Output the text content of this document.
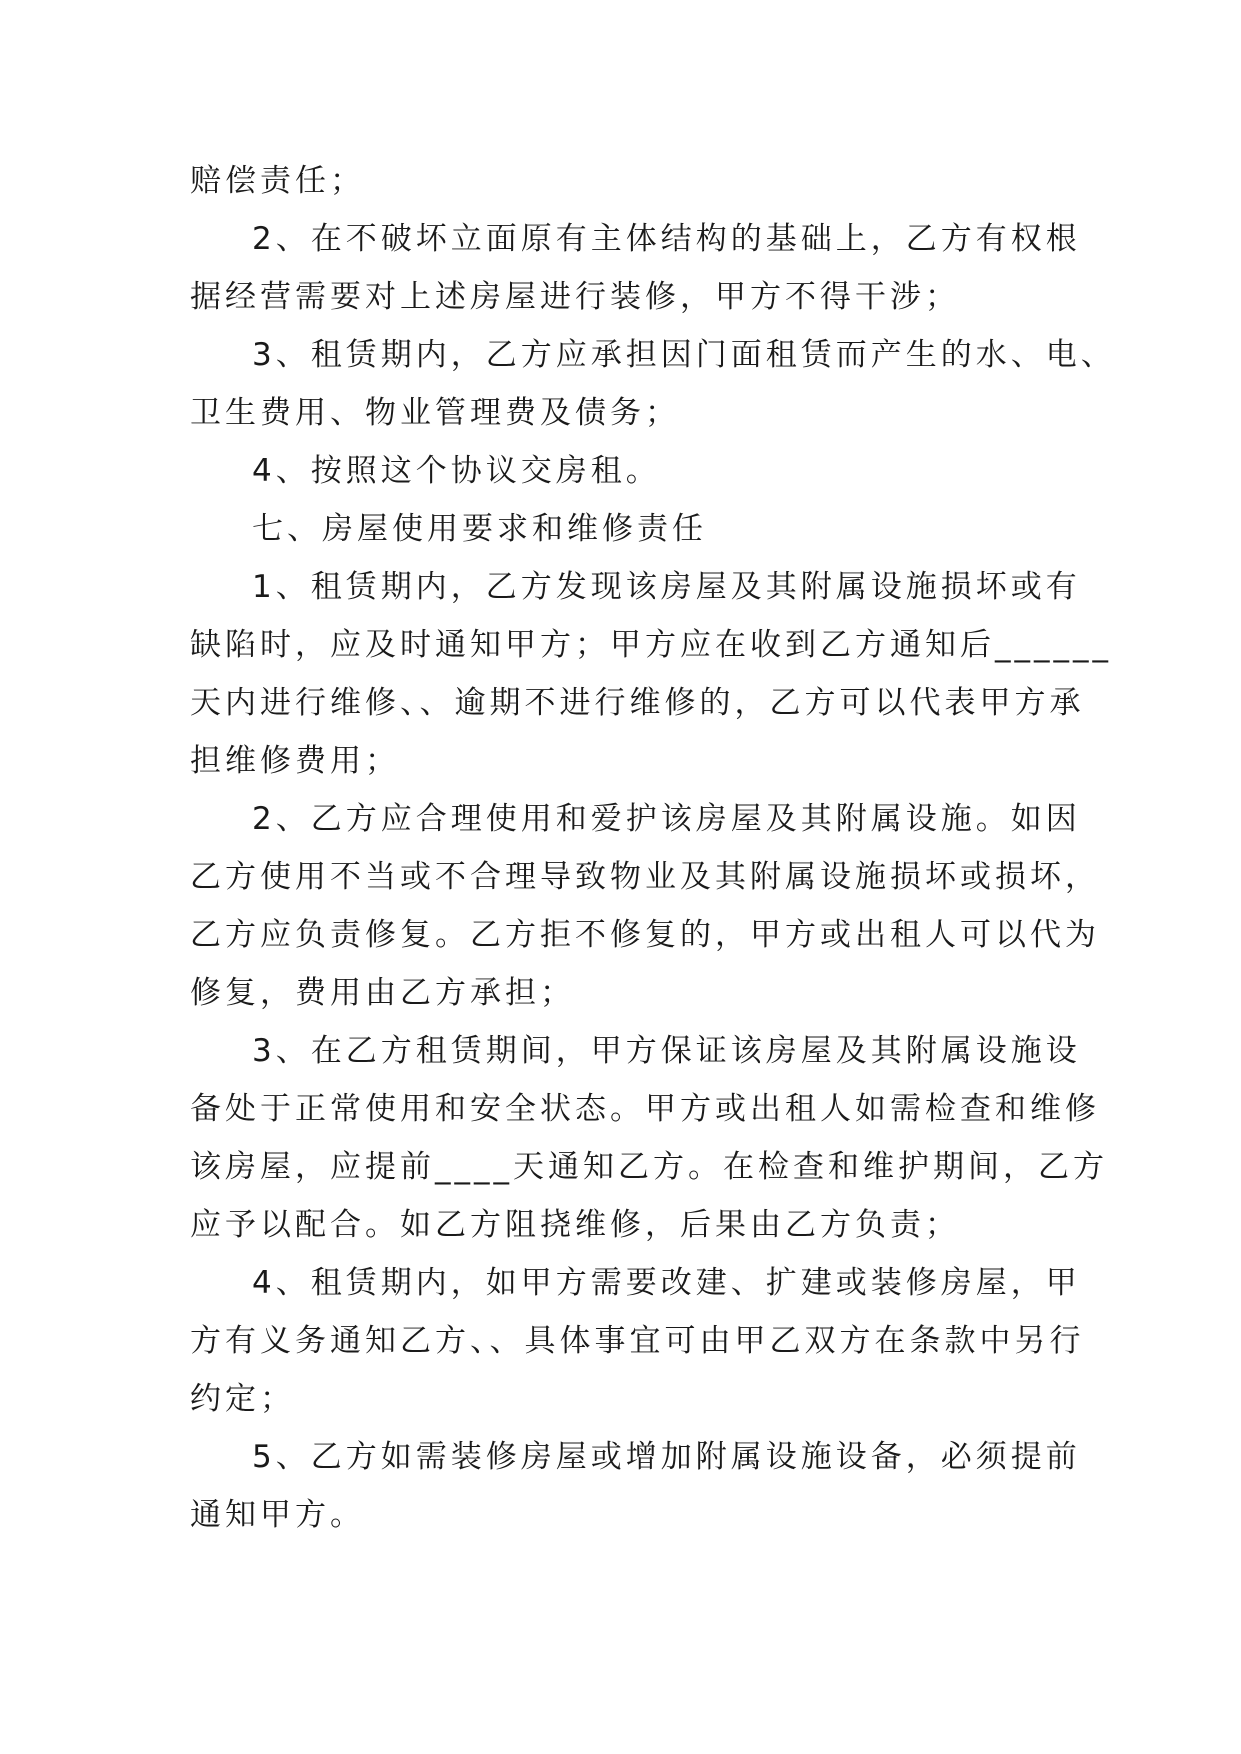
赔偿责任；
2、在不破坏立面原有主体结构的基础上，乙方有权根
据经营需要对上述房屋进行装修，甲方不得干涉；
3、租赁期内，乙方应承担因门面租赁而产生的水、电、
卫生费用、物业管理费及债务；
4、按照这个协议交房租。
七、房屋使用要求和维修责任
1、租赁期内，乙方发现该房屋及其附属设施损坏或有
缺陷时，应及时通知甲方；甲方应在收到乙方通知后______
天内进行维修、、逾期不进行维修的，乙方可以代表甲方承
担维修费用；
2、乙方应合理使用和爱护该房屋及其附属设施。如因
乙方使用不当或不合理导致物业及其附属设施损坏或损坏，
乙方应负责修复。乙方拒不修复的，甲方或出租人可以代为
修复，费用由乙方承担；
3、在乙方租赁期间，甲方保证该房屋及其附属设施设
备处于正常使用和安全状态。甲方或出租人如需检查和维修
该房屋，应提前____天通知乙方。在检查和维护期间，乙方
应予以配合。如乙方阻挠维修，后果由乙方负责；
4、租赁期内，如甲方需要改建、扩建或装修房屋，甲
方有义务通知乙方、、具体事宜可由甲乙双方在条款中另行
约定；
5、乙方如需装修房屋或增加附属设施设备，必须提前
通知甲方。
